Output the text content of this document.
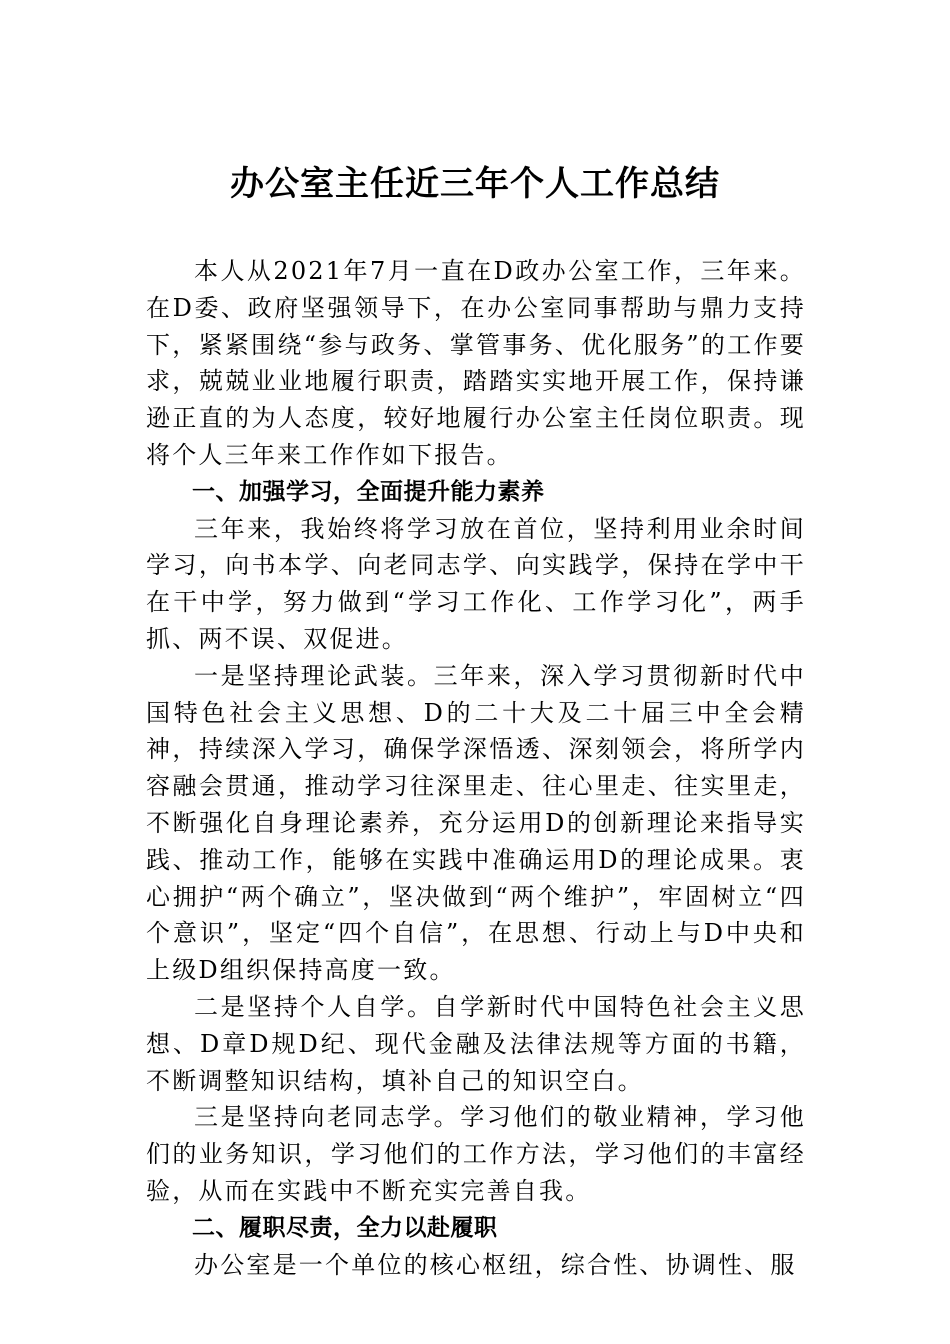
办公室主任近三年个人工作总结

本人从2021年7月一直在D政办公室工作，三年来。在D委、政府坚强领导下，在办公室同事帮助与鼎力支持下，紧紧围绕“参与政务、掌管事务、优化服务”的工作要求，兢兢业业地履行职责，踏踏实实地开展工作，保持谦逊正直的为人态度，较好地履行办公室主任岗位职责。现将个人三年来工作作如下报告。

一、加强学习，全面提升能力素养

三年来，我始终将学习放在首位，坚持利用业余时间学习，向书本学、向老同志学、向实践学，保持在学中干在干中学，努力做到“学习工作化、工作学习化”，两手抓、两不误、双促进。

一是坚持理论武装。三年来，深入学习贯彻新时代中国特色社会主义思想、D的二十大及二十届三中全会精神，持续深入学习，确保学深悟透、深刻领会，将所学内容融会贯通，推动学习往深里走、往心里走、往实里走，不断强化自身理论素养，充分运用D的创新理论来指导实践、推动工作，能够在实践中准确运用D的理论成果。衷心拥护“两个确立”，坚决做到“两个维护”，牢固树立“四个意识”，坚定“四个自信”，在思想、行动上与D中央和上级D组织保持高度一致。

二是坚持个人自学。自学新时代中国特色社会主义思想、D章D规D纪、现代金融及法律法规等方面的书籍，不断调整知识结构，填补自己的知识空白。

三是坚持向老同志学。学习他们的敬业精神，学习他们的业务知识，学习他们的工作方法，学习他们的丰富经验，从而在实践中不断充实完善自我。

二、履职尽责，全力以赴履职

办公室是一个单位的核心枢纽，综合性、协调性、服
